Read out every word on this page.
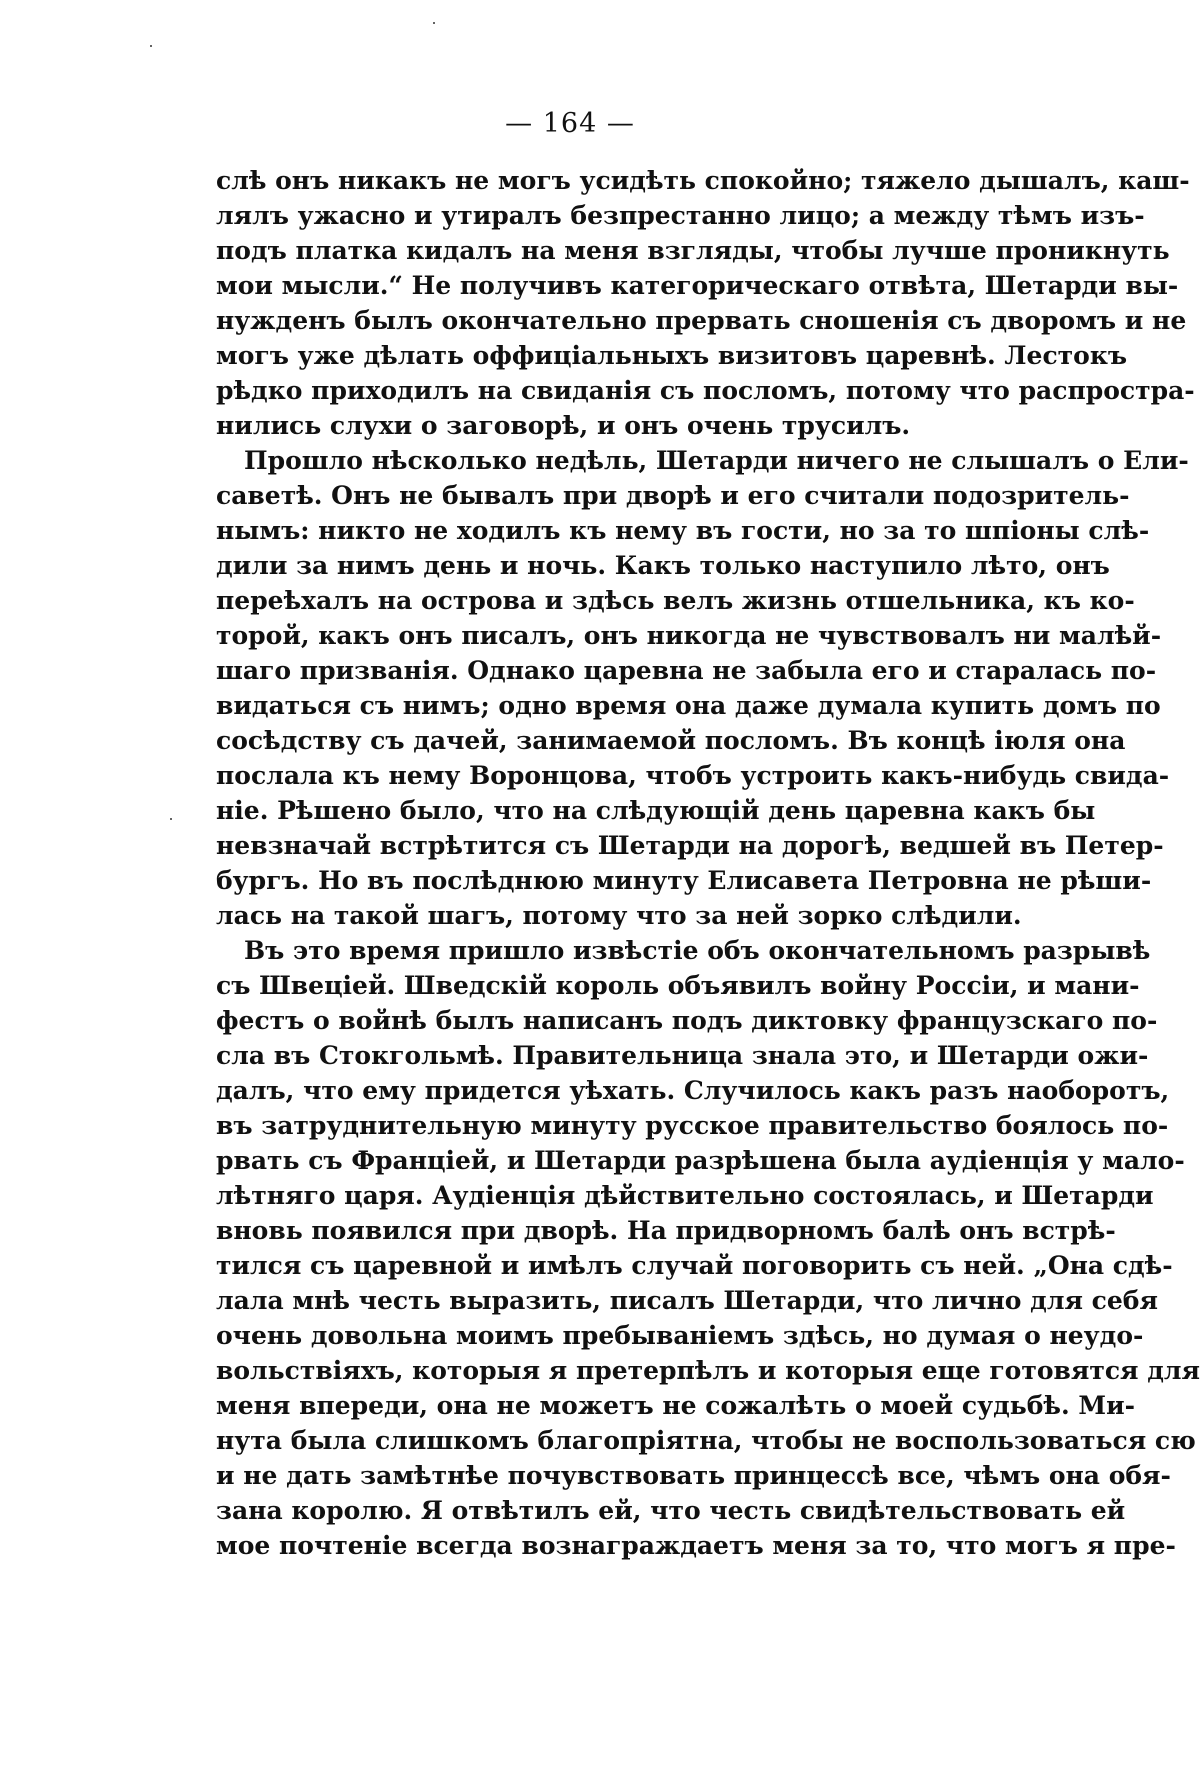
— 164 —
слѣ онъ никакъ не могъ усидѣть спокойно; тяжело дышалъ, каш-
лялъ ужасно и утиралъ безпрестанно лицо; а между тѣмъ изъ-
подъ платка кидалъ на меня взгляды, чтобы лучше проникнуть
мои мысли.“ Не получивъ категорическаго отвѣта, Шетарди вы-
нужденъ былъ окончательно прервать сношенія съ дворомъ и не
могъ уже дѣлать оффиціальныхъ визитовъ царевнѣ. Лестокъ
рѣдко приходилъ на свиданія съ посломъ, потому что распростра-
нились слухи о заговорѣ, и онъ очень трусилъ.
Прошло нѣсколько недѣль, Шетарди ничего не слышалъ о Ели-
саветѣ. Онъ не бывалъ при дворѣ и его считали подозритель-
нымъ: никто не ходилъ къ нему въ гости, но за то шпіоны слѣ-
дили за нимъ день и ночь. Какъ только наступило лѣто, онъ
переѣхалъ на острова и здѣсь велъ жизнь отшельника, къ ко-
торой, какъ онъ писалъ, онъ никогда не чувствовалъ ни малѣй-
шаго призванія. Однако царевна не забыла его и старалась по-
видаться съ нимъ; одно время она даже думала купить домъ по
сосѣдству съ дачей, занимаемой посломъ. Въ концѣ іюля она
послала къ нему Воронцова, чтобъ устроить какъ-нибудь свида-
ніе. Рѣшено было, что на слѣдующій день царевна какъ бы
невзначай встрѣтится съ Шетарди на дорогѣ, ведшей въ Петер-
бургъ. Но въ послѣднюю минуту Елисавета Петровна не рѣши-
лась на такой шагъ, потому что за ней зорко слѣдили.
Въ это время пришло извѣстіе объ окончательномъ разрывѣ
съ Швеціей. Шведскій король объявилъ войну Россіи, и мани-
фестъ о войнѣ былъ написанъ подъ диктовку французскаго по-
сла въ Стокгольмѣ. Правительница знала это, и Шетарди ожи-
далъ, что ему придется уѣхать. Случилось какъ разъ наоборотъ,
въ затруднительную минуту русское правительство боялось по-
рвать съ Франціей, и Шетарди разрѣшена была аудіенція у мало-
лѣтняго царя. Аудіенція дѣйствительно состоялась, и Шетарди
вновь появился при дворѣ. На придворномъ балѣ онъ встрѣ-
тился съ царевной и имѣлъ случай поговорить съ ней. „Она сдѣ-
лала мнѣ честь выразить, писалъ Шетарди, что лично для себя
очень довольна моимъ пребываніемъ здѣсь, но думая о неудо-
вольствіяхъ, которыя я претерпѣлъ и которыя еще готовятся для
меня впереди, она не можетъ не сожалѣть о моей судьбѣ. Ми-
нута была слишкомъ благопріятна, чтобы не воспользоваться сю
и не дать замѣтнѣе почувствовать принцессѣ все, чѣмъ она обя-
зана королю. Я отвѣтилъ ей, что честь свидѣтельствовать ей
мое почтеніе всегда вознаграждаетъ меня за то, что могъ я пре-
